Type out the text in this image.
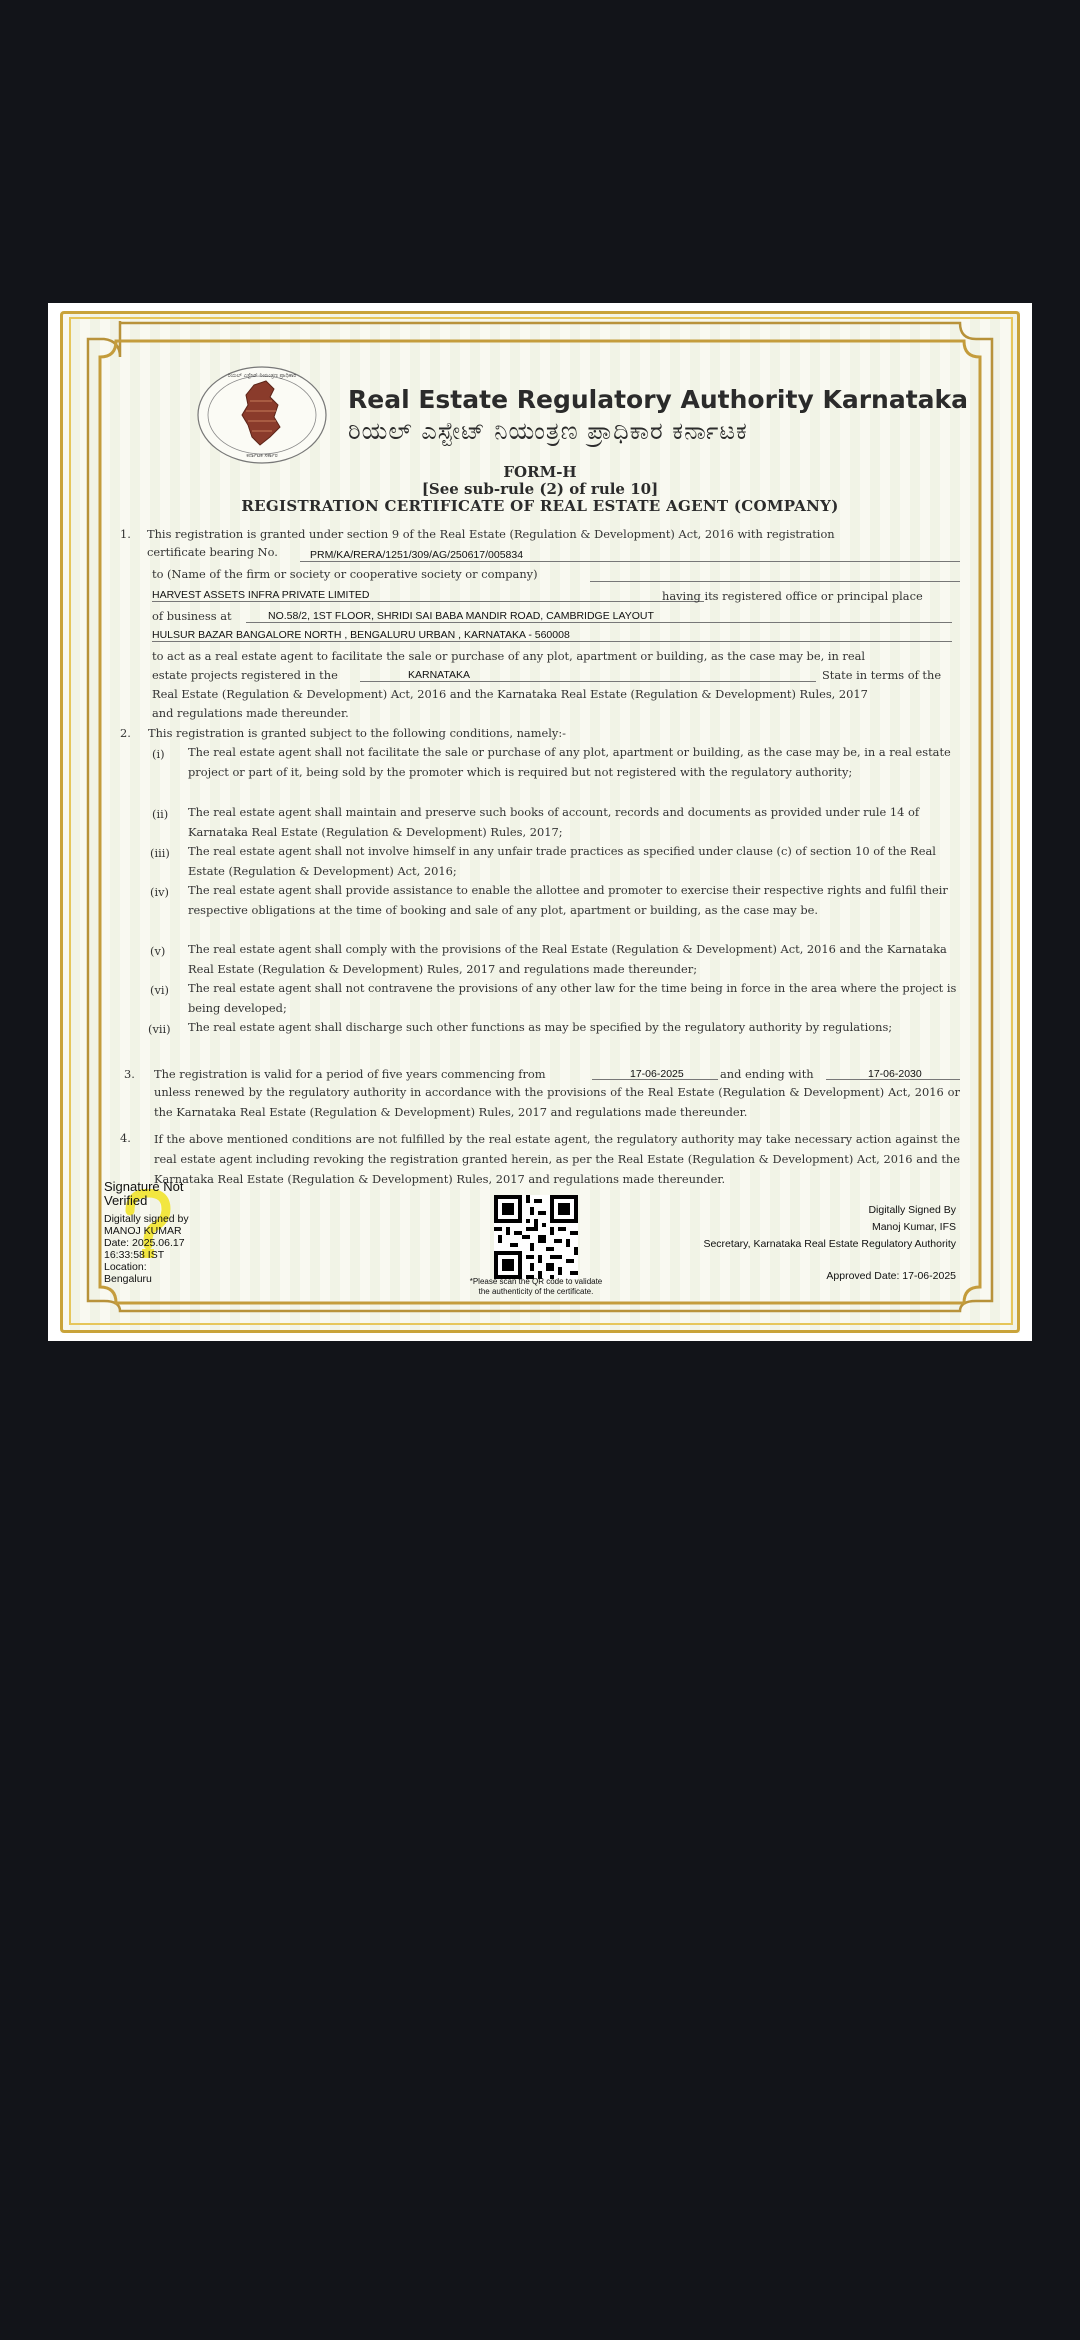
ರಿಯಲ್ ಎಸ್ಟೇಟ್ ನಿಯಂತ್ರಣ ಪ್ರಾಧಿಕಾರ
ಕರ್ನಾಟಕ ಸರ್ಕಾರ
Real Estate Regulatory Authority Karnataka
ರಿಯಲ್ ಎಸ್ಟೇಟ್ ನಿಯಂತ್ರಣ ಪ್ರಾಧಿಕಾರ ಕರ್ನಾಟಕ
FORM-H
[See sub-rule (2) of rule 10]
REGISTRATION CERTIFICATE OF REAL ESTATE AGENT (COMPANY)
1. This registration is granted under section 9 of the Real Estate (Regulation & Development) Act, 2016 with registration
certificate bearing No.	PRM/KA/RERA/1251/309/AG/250617/005834
to (Name of the firm or society or cooperative society or company)
HARVEST ASSETS INFRA PRIVATE LIMITED	having its registered office or principal place
of business at	NO.58/2, 1ST FLOOR, SHRIDI SAI BABA MANDIR ROAD, CAMBRIDGE LAYOUT
HULSUR BAZAR BANGALORE NORTH , BENGALURU URBAN , KARNATAKA - 560008
to act as a real estate agent to facilitate the sale or purchase of any plot, apartment or building, as the case may be, in real
estate projects registered in the	KARNATAKA	State in terms of the
Real Estate (Regulation & Development) Act, 2016 and the Karnataka Real Estate (Regulation & Development) Rules, 2017
and regulations made thereunder.
2. This registration is granted subject to the following conditions, namely:-
(i) The real estate agent shall not facilitate the sale or purchase of any plot, apartment or building, as the case may be, in a real estate project or part of it, being sold by the promoter which is required but not registered with the regulatory authority;
(ii) The real estate agent shall maintain and preserve such books of account, records and documents as provided under rule 14 of Karnataka Real Estate (Regulation & Development) Rules, 2017;
(iii) The real estate agent shall not involve himself in any unfair trade practices as specified under clause (c) of section 10 of the Real Estate (Regulation & Development) Act, 2016;
(iv) The real estate agent shall provide assistance to enable the allottee and promoter to exercise their respective rights and fulfil their respective obligations at the time of booking and sale of any plot, apartment or building, as the case may be.
(v) The real estate agent shall comply with the provisions of the Real Estate (Regulation & Development) Act, 2016 and the Karnataka Real Estate (Regulation & Development) Rules, 2017 and regulations made thereunder;
(vi) The real estate agent shall not contravene the provisions of any other law for the time being in force in the area where the project is being developed;
(vii) The real estate agent shall discharge such other functions as may be specified by the regulatory authority by regulations;
3. The registration is valid for a period of five years commencing from	17-06-2025	and ending with	17-06-2030
unless renewed by the regulatory authority in accordance with the provisions of the Real Estate (Regulation & Development) Act, 2016 or the Karnataka Real Estate (Regulation & Development) Rules, 2017 and regulations made thereunder.
4. If the above mentioned conditions are not fulfilled by the real estate agent, the regulatory authority may take necessary action against the real estate agent including revoking the registration granted herein, as per the Real Estate (Regulation & Development) Act, 2016 and the Karnataka Real Estate (Regulation & Development) Rules, 2017 and regulations made thereunder.
Signature Not
Verified
Digitally signed by
MANOJ KUMAR
Date: 2025.06.17
16:33:58 IST
Location:
Bengaluru	*Please scan the QR code to validate
the authenticity of the certificate.
Digitally Signed By
Manoj Kumar, IFS
Secretary, Karnataka Real Estate Regulatory Authority
Approved Date: 17-06-2025
